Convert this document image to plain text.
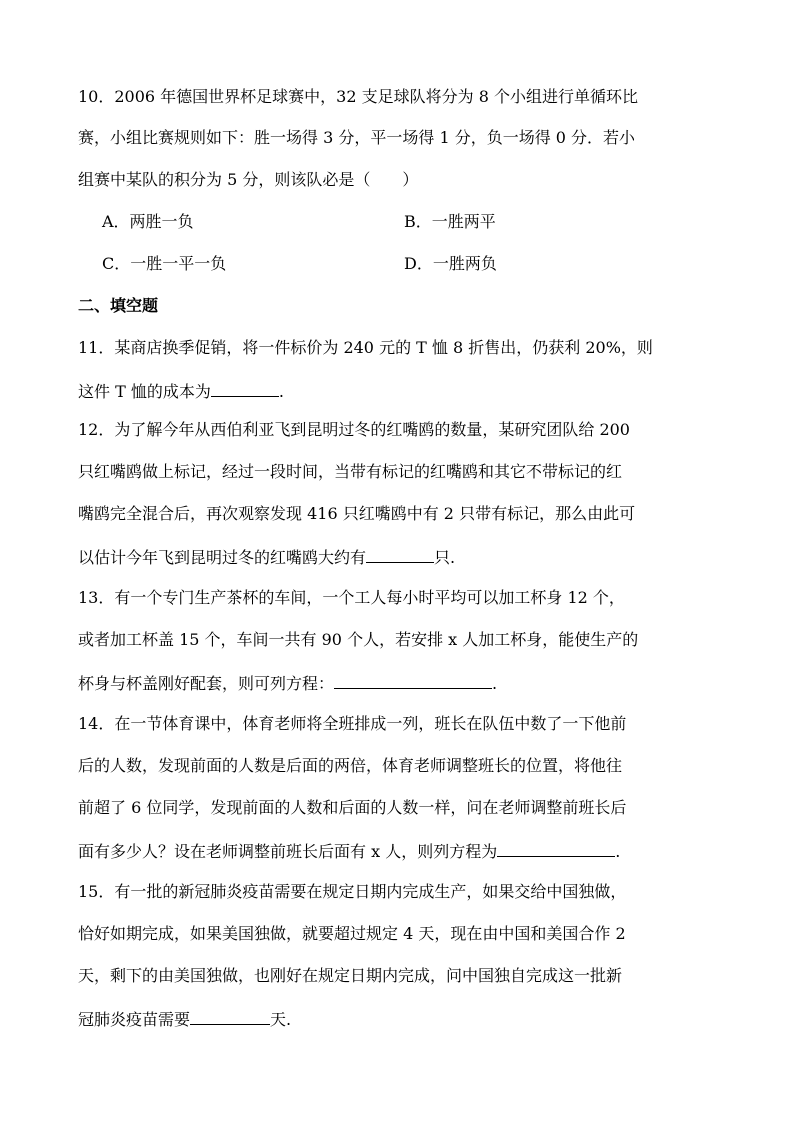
10．2006 年德国世界杯足球赛中，32 支足球队将分为 8 个小组进行单循环比
赛，小组比赛规则如下：胜一场得 3 分，平一场得 1 分，负一场得 0 分．若小
组赛中某队的积分为 5 分，则该队必是（　　）
A．两胜一负	B．一胜两平
C．一胜一平一负	D．一胜两负
二、填空题
11．某商店换季促销，将一件标价为 240 元的 T 恤 8 折售出，仍获利 20%，则
这件 T 恤的成本为	.
12．为了解今年从西伯利亚飞到昆明过冬的红嘴鸥的数量，某研究团队给 200
只红嘴鸥做上标记，经过一段时间，当带有标记的红嘴鸥和其它不带标记的红
嘴鸥完全混合后，再次观察发现 416 只红嘴鸥中有 2 只带有标记，那么由此可
以估计今年飞到昆明过冬的红嘴鸥大约有	只.
13．有一个专门生产茶杯的车间，一个工人每小时平均可以加工杯身 12 个，
或者加工杯盖 15 个，车间一共有 90 个人，若安排 x 人加工杯身，能使生产的
杯身与杯盖刚好配套，则可列方程：	.
14．在一节体育课中，体育老师将全班排成一列，班长在队伍中数了一下他前
后的人数，发现前面的人数是后面的两倍，体育老师调整班长的位置，将他往
前超了 6 位同学，发现前面的人数和后面的人数一样，问在老师调整前班长后
面有多少人？设在老师调整前班长后面有 x 人，则列方程为	.
15．有一批的新冠肺炎疫苗需要在规定日期内完成生产，如果交给中国独做，
恰好如期完成，如果美国独做，就要超过规定 4 天，现在由中国和美国合作 2
天，剩下的由美国独做，也刚好在规定日期内完成，问中国独自完成这一批新
冠肺炎疫苗需要	天.
